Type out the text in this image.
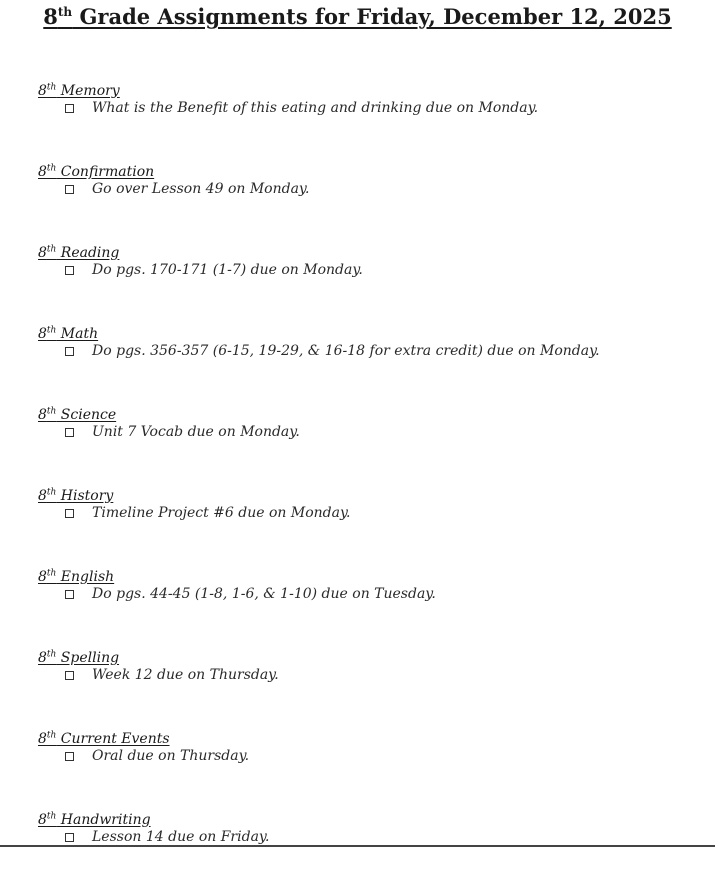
8th Grade Assignments for Friday, December 12, 2025
8th Memory
What is the Benefit of this eating and drinking due on Monday.
8th Confirmation
Go over Lesson 49 on Monday.
8th Reading
Do pgs. 170-171 (1-7) due on Monday.
8th Math
Do pgs. 356-357 (6-15, 19-29, & 16-18 for extra credit) due on Monday.
8th Science
Unit 7 Vocab due on Monday.
8th History
Timeline Project #6 due on Monday.
8th English
Do pgs. 44-45 (1-8, 1-6, & 1-10) due on Tuesday.
8th Spelling
Week 12 due on Thursday.
8th Current Events
Oral due on Thursday.
8th Handwriting
Lesson 14 due on Friday.
